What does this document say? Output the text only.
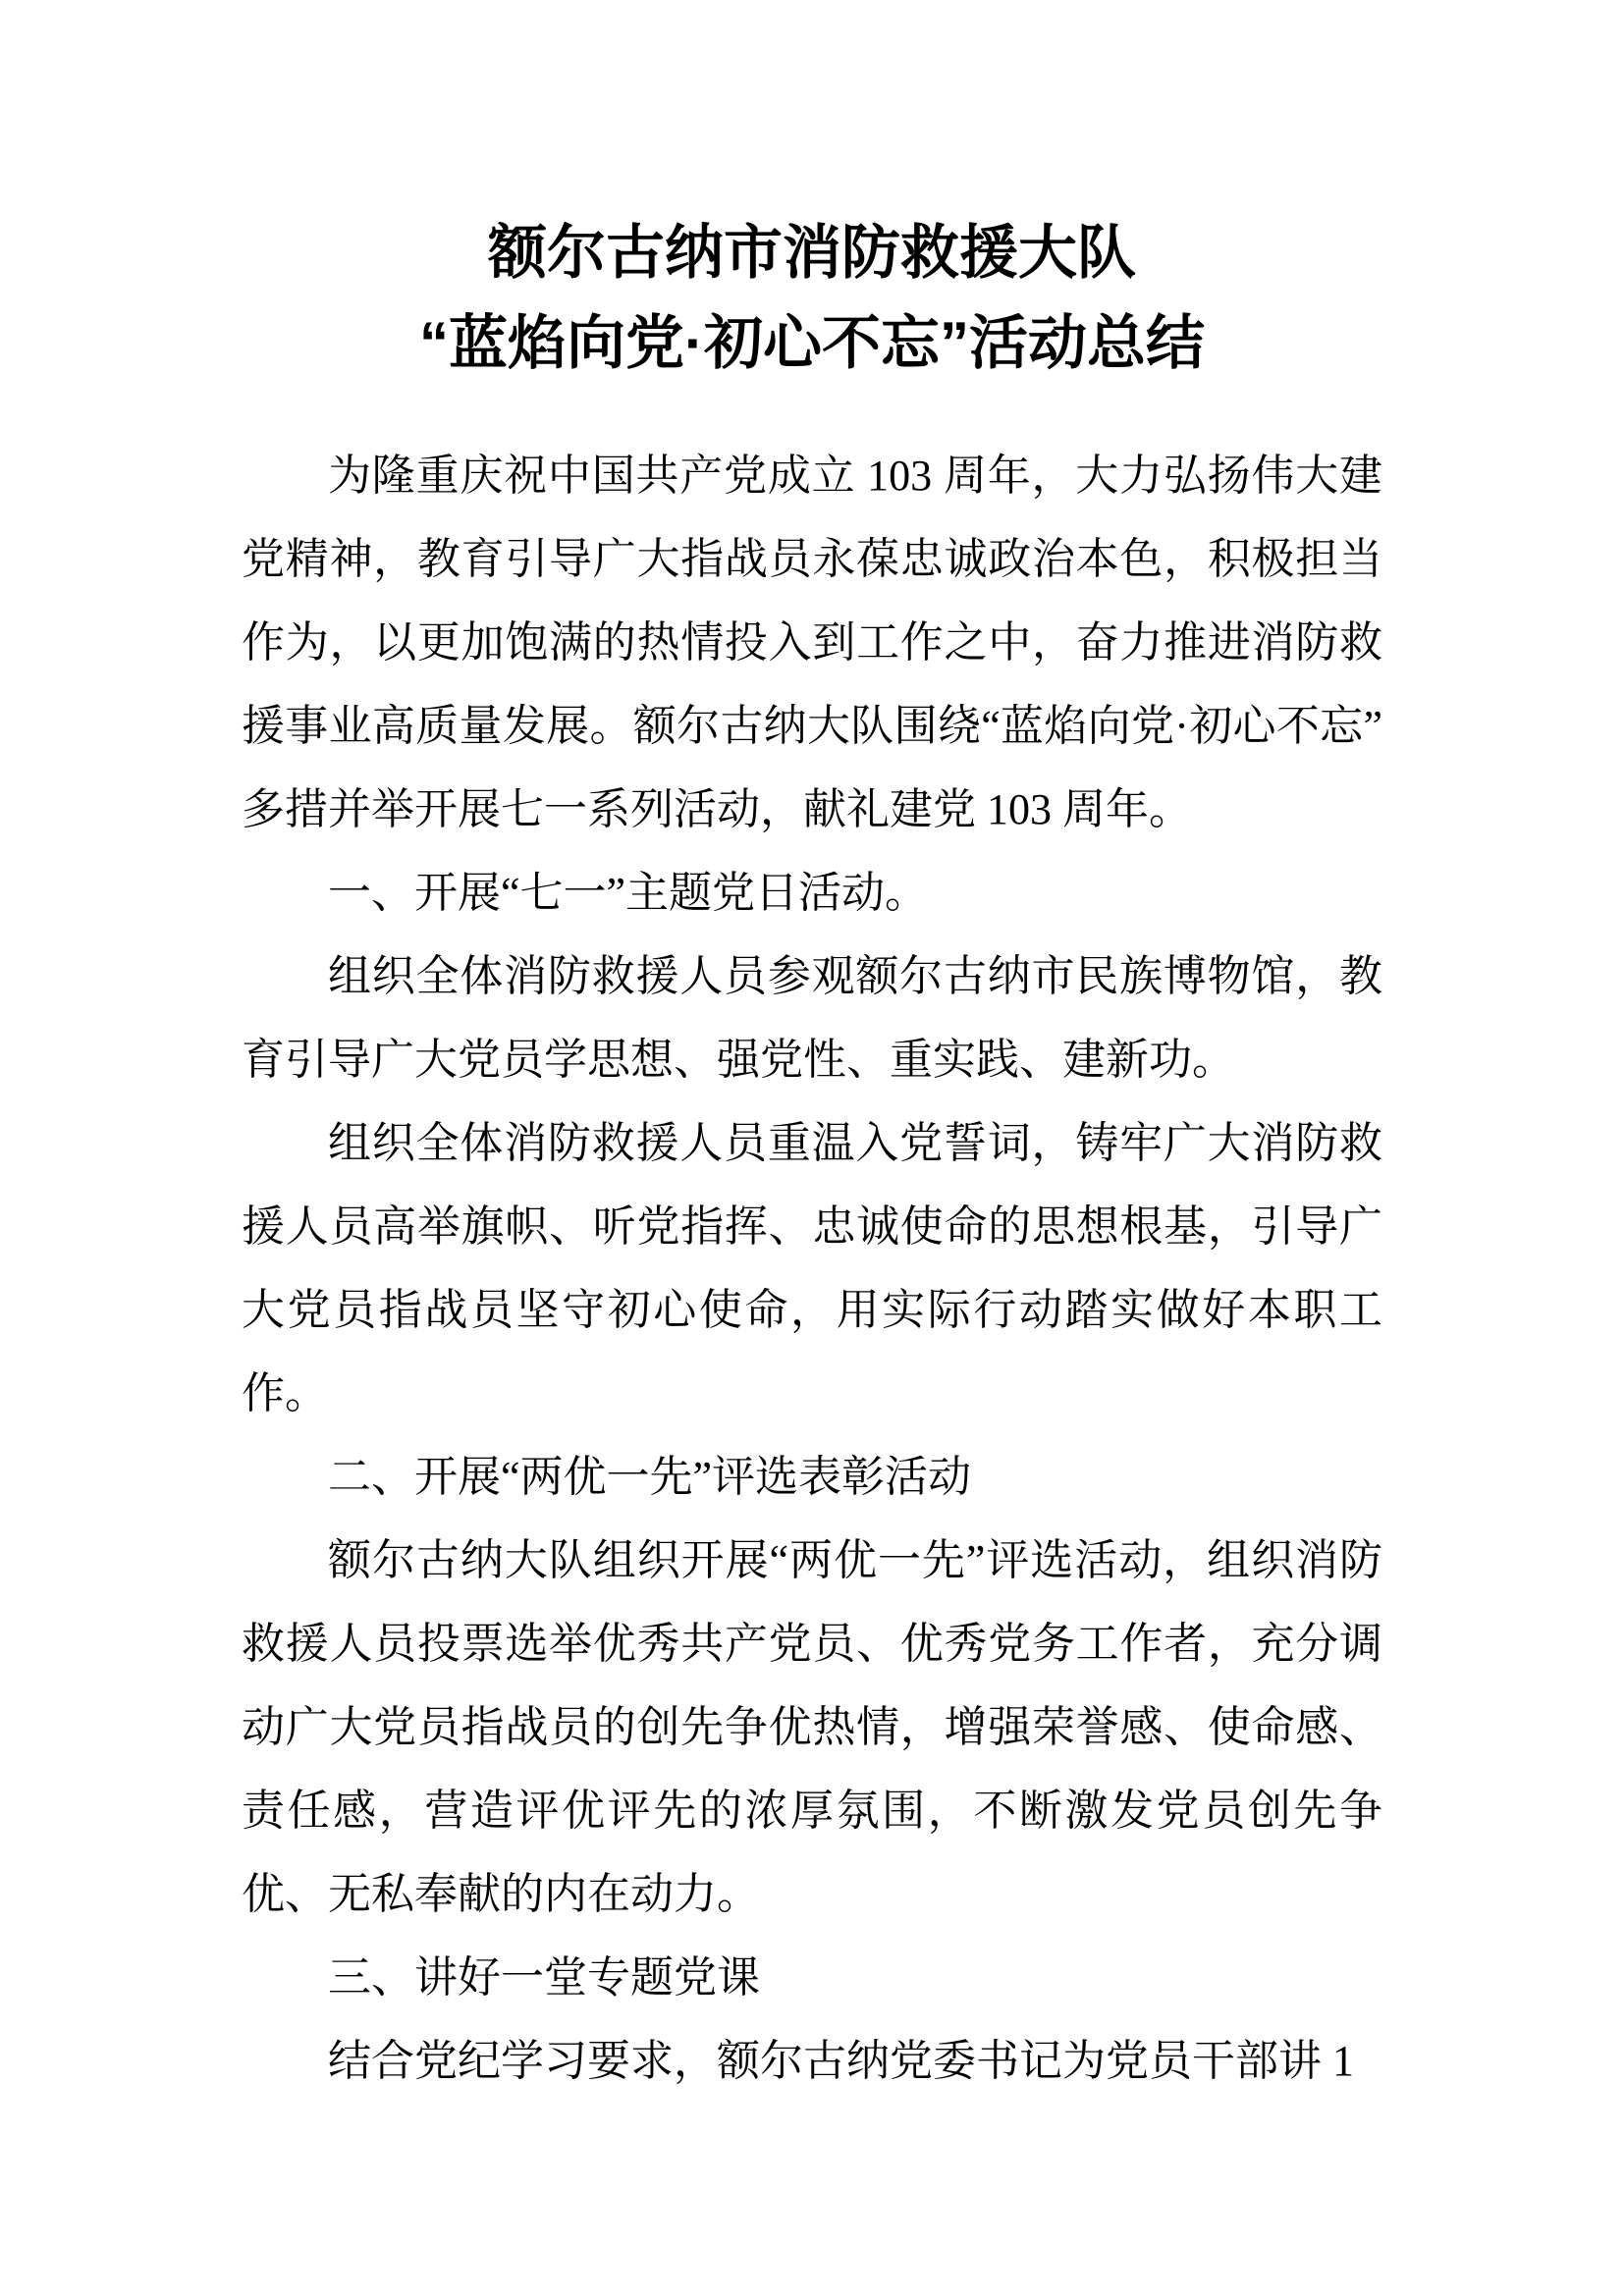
额尔古纳市消防救援大队
“蓝焰向党·初心不忘”活动总结

为隆重庆祝中国共产党成立 103 周年，大力弘扬伟大建党精神，教育引导广大指战员永葆忠诚政治本色，积极担当作为，以更加饱满的热情投入到工作之中，奋力推进消防救援事业高质量发展。额尔古纳大队围绕“蓝焰向党·初心不忘”多措并举开展七一系列活动，献礼建党 103 周年。

一、开展“七一”主题党日活动。

组织全体消防救援人员参观额尔古纳市民族博物馆，教育引导广大党员学思想、强党性、重实践、建新功。

组织全体消防救援人员重温入党誓词，铸牢广大消防救援人员高举旗帜、听党指挥、忠诚使命的思想根基，引导广大党员指战员坚守初心使命，用实际行动踏实做好本职工作。

二、开展“两优一先”评选表彰活动

额尔古纳大队组织开展“两优一先”评选活动，组织消防救援人员投票选举优秀共产党员、优秀党务工作者，充分调动广大党员指战员的创先争优热情，增强荣誉感、使命感、责任感，营造评优评先的浓厚氛围，不断激发党员创先争优、无私奉献的内在动力。

三、讲好一堂专题党课

结合党纪学习要求，额尔古纳党委书记为党员干部讲 1
